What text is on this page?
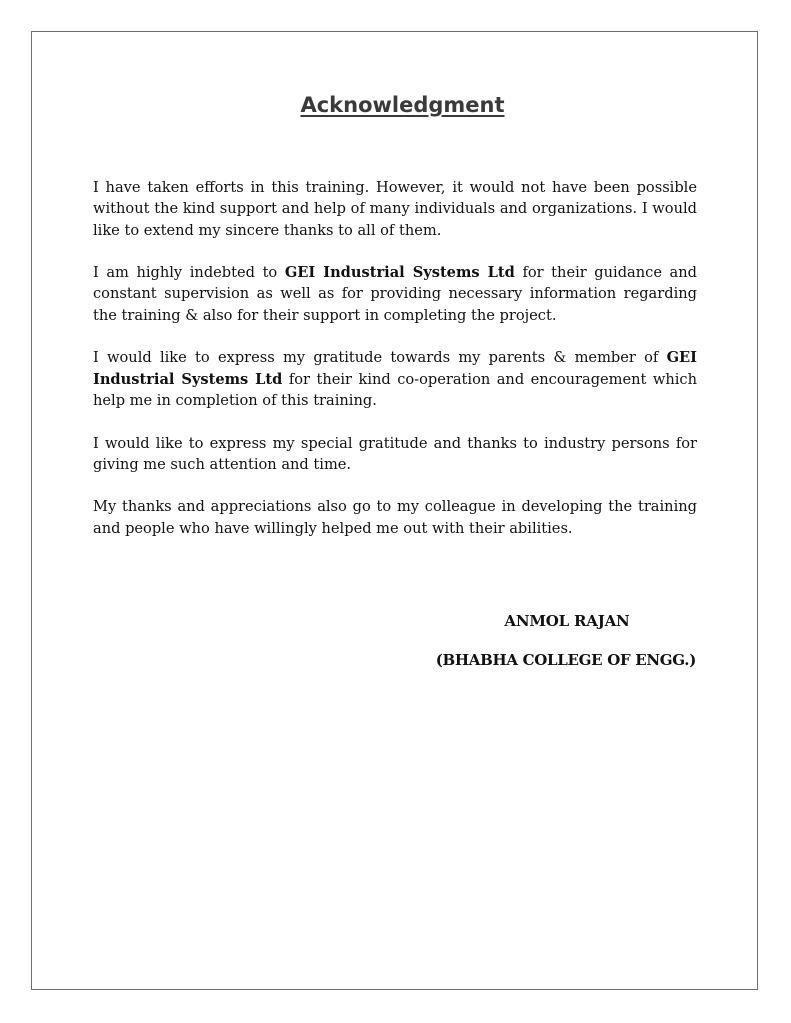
Acknowledgment

I have taken efforts in this training. However, it would not have been possible without the kind support and help of many individuals and organizations. I would like to extend my sincere thanks to all of them.

I am highly indebted to GEI Industrial Systems Ltd for their guidance and constant supervision as well as for providing necessary information regarding the training & also for their support in completing the project.

I would like to express my gratitude towards my parents & member of GEI Industrial Systems Ltd for their kind co-operation and encouragement which help me in completion of this training.

I would like to express my special gratitude and thanks to industry persons for giving me such attention and time.

My thanks and appreciations also go to my colleague in developing the training and people who have willingly helped me out with their abilities.

ANMOL RAJAN
(BHABHA COLLEGE OF ENGG.)
